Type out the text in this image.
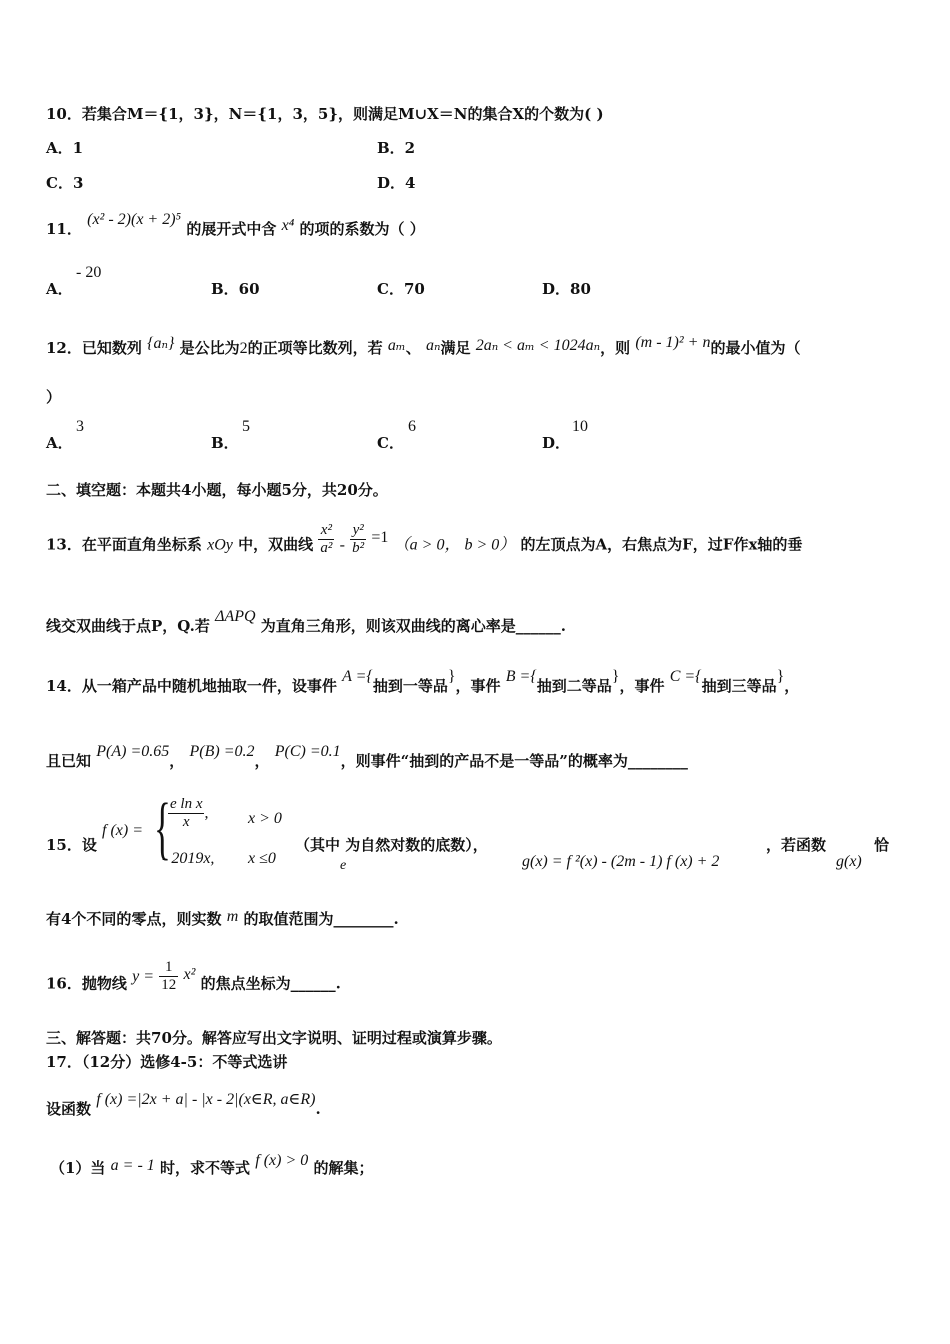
10．若集合M＝{1，3}，N＝{1，3，5}，则满足M∪X＝N的集合X的个数为( )
A．1	B．2
C．3	D．4
11． (x² - 2)(x + 2)⁵ 的展开式中含 x⁴ 的项的系数为（ ）
A．
- 20
B．60	C．70	D．80
12．已知数列 {aₙ} 是公比为2的正项等比数列，若 aₘ、 aₙ满足 2aₙ < aₘ < 1024aₙ，则 (m - 1)² + n的最小值为（
）
A．
3
B．
5
C．
6
D．
10
二、填空题：本题共4小题，每小题5分，共20分。
13．在平面直角坐标系 xOy 中，双曲线 $\frac{\text{x²}}{\text{a²}} - \frac{\text{y²}}{\text{b²}} =1$ （a > 0， b > 0） 的左顶点为A，右焦点为F，过F作x轴的垂
线交双曲线于点P，Q.若 ΔAPQ 为直角三角形，则该双曲线的离心率是______.
14．从一箱产品中随机地抽取一件，设事件 A ={抽到一等品}，事件 B ={抽到二等品}，事件 C ={抽到三等品}，
且已知 P(A) =0.65， P(B) =0.2， P(C) =0.1，则事件“抽到的产品不是一等品”的概率为________
15．设
f (x) = {
$\frac{\text{e ln x}}{x}$ , x > 0
- 2019x, x ≤0
（其中 为自然对数的底数），
e	g(x) = f ²(x) - (2m - 1) f (x) + 2
，若函数	恰
g(x)
有4个不同的零点，则实数 m 的取值范围为________.
16．抛物线 $y = \frac{1}{12} x^2$ 的焦点坐标为______.
三、解答题：共70分。解答应写出文字说明、证明过程或演算步骤。
17．（12分）选修4-5：不等式选讲
设函数 f (x) =|2x + a| - |x - 2|(x∈R, a∈R).
（1）当 a = - 1 时，求不等式 f (x) > 0 的解集；
